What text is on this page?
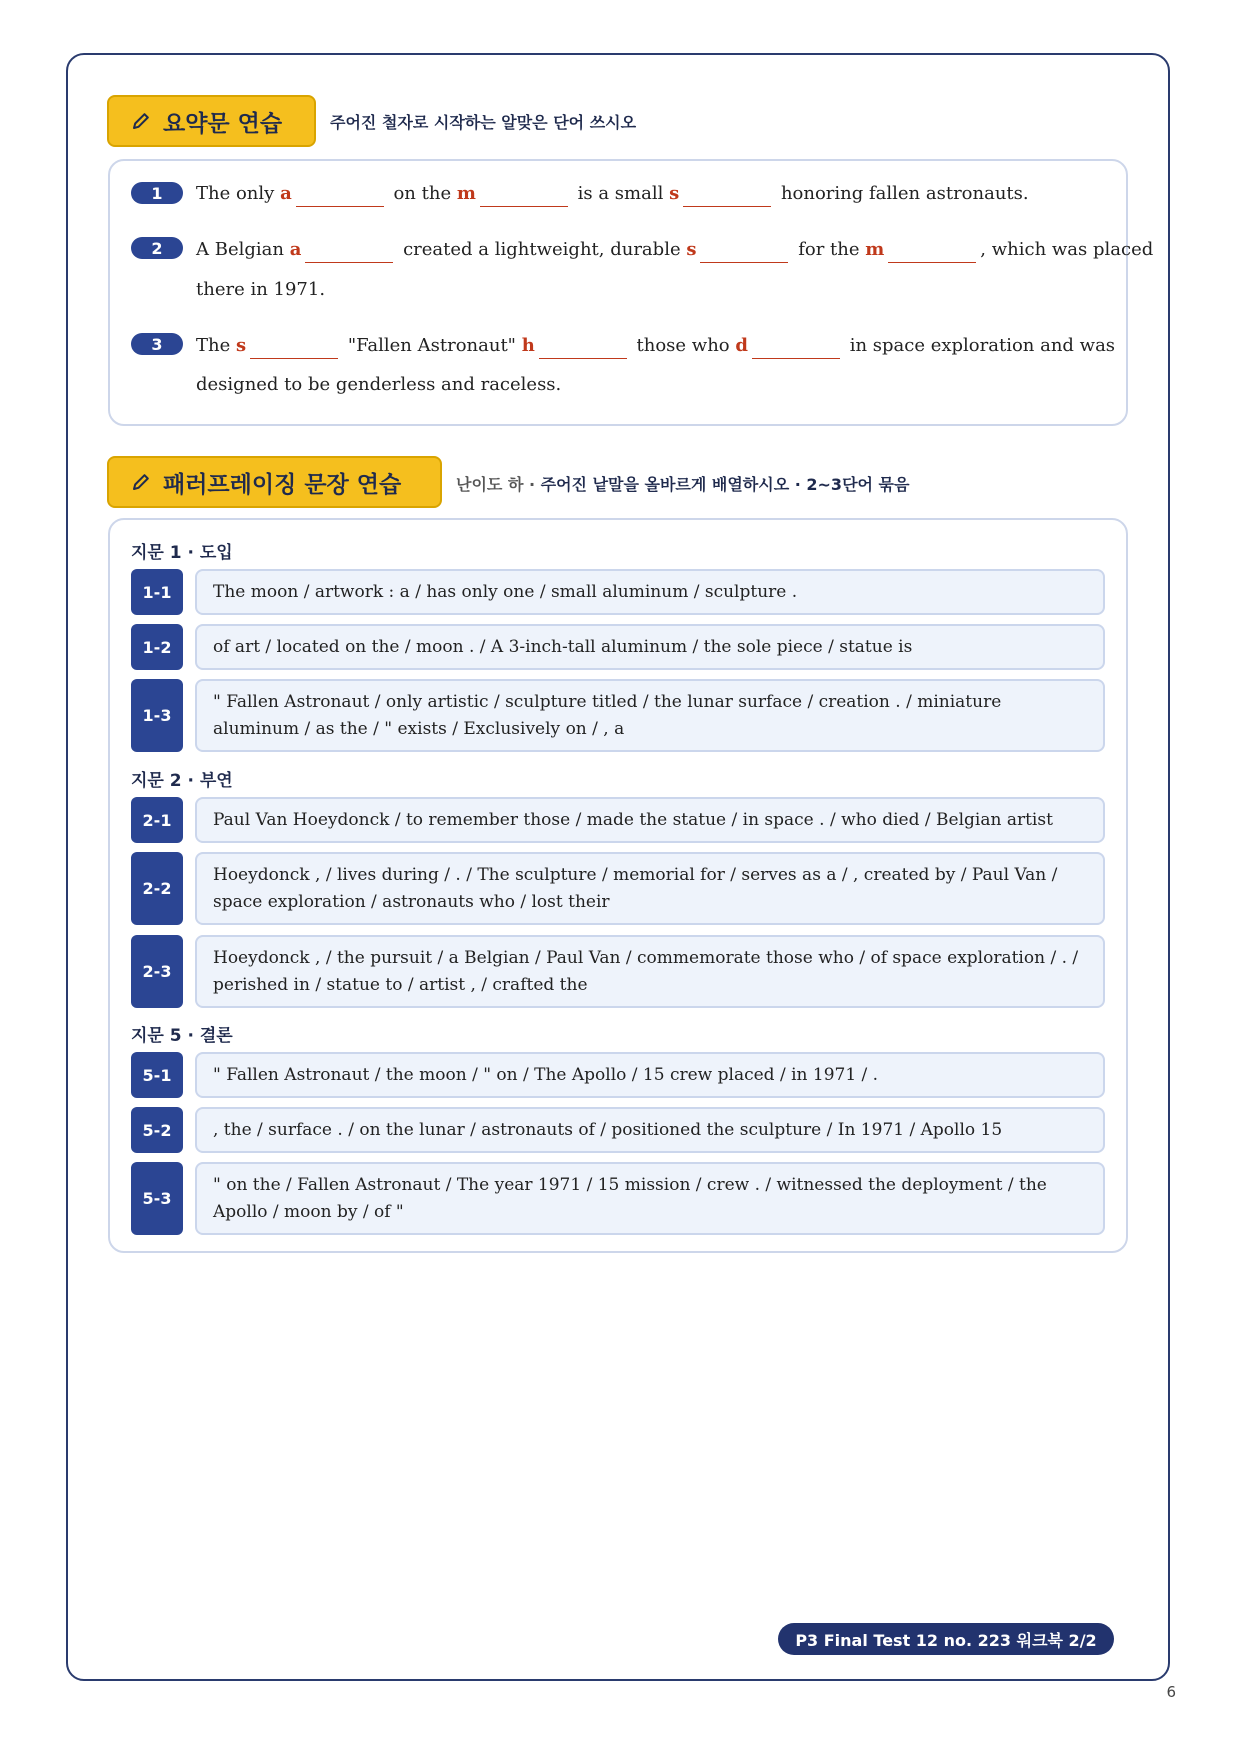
요약문 연습	주어진 철자로 시작하는 알맞은 단어 쓰시오
1	The only a	on the m	is a small s	honoring fallen astronauts.
2	A Belgian a	created a lightweight, durable s	for the m	, which was placed
there in 1971.
3	The s	"Fallen Astronaut" h	those who d	in space exploration and was
designed to be genderless and raceless.
패러프레이징 문장 연습	난이도 하 · 주어진 낱말을 올바르게 배열하시오 · 2~3단어 묶음
지문 1 · 도입
1-1	The moon / artwork : a / has only one / small aluminum / sculpture .
1-2	of art / located on the / moon . / A 3-inch-tall aluminum / the sole piece / statue is
1-3
" Fallen Astronaut / only artistic / sculpture titled / the lunar surface / creation . / miniature aluminum / as the / " exists / Exclusively on / , a
지문 2 · 부연
2-1	Paul Van Hoeydonck / to remember those / made the statue / in space . / who died / Belgian artist
2-2
Hoeydonck , / lives during / . / The sculpture / memorial for / serves as a / , created by / Paul Van / space exploration / astronauts who / lost their
2-3
Hoeydonck , / the pursuit / a Belgian / Paul Van / commemorate those who / of space exploration / . / perished in / statue to / artist , / crafted the
지문 5 · 결론
5-1	" Fallen Astronaut / the moon / " on / The Apollo / 15 crew placed / in 1971 / .
5-2	, the / surface . / on the lunar / astronauts of / positioned the sculpture / In 1971 / Apollo 15
5-3
" on the / Fallen Astronaut / The year 1971 / 15 mission / crew . / witnessed the deployment / the Apollo / moon by / of "
P3 Final Test 12 no. 223 워크북 2/2
6
